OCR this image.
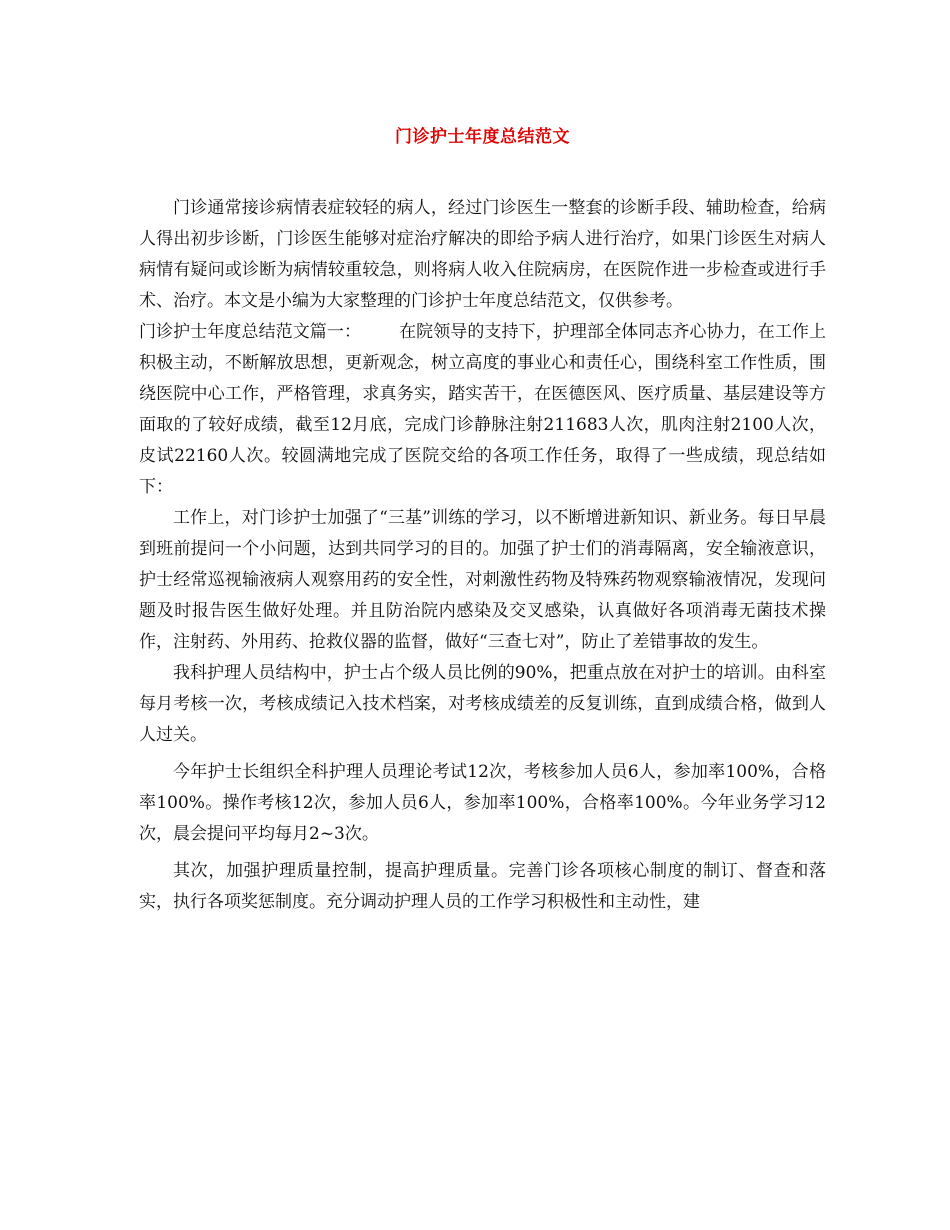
门诊护士年度总结范文

门诊通常接诊病情表症较轻的病人，经过门诊医生一整套的诊断手段、辅助检查，给病人得出初步诊断，门诊医生能够对症治疗解决的即给予病人进行治疗，如果门诊医生对病人病情有疑问或诊断为病情较重较急，则将病人收入住院病房，在医院作进一步检查或进行手术、治疗。本文是小编为大家整理的门诊护士年度总结范文，仅供参考。

门诊护士年度总结范文篇一： 在院领导的支持下，护理部全体同志齐心协力，在工作上积极主动，不断解放思想，更新观念，树立高度的事业心和责任心，围绕科室工作性质，围绕医院中心工作，严格管理，求真务实，踏实苦干，在医德医风、医疗质量、基层建设等方面取的了较好成绩，截至12月底，完成门诊静脉注射211683人次，肌肉注射2100人次，皮试22160人次。较圆满地完成了医院交给的各项工作任务，取得了一些成绩，现总结如下：

工作上，对门诊护士加强了“三基”训练的学习，以不断增进新知识、新业务。每日早晨到班前提问一个小问题，达到共同学习的目的。加强了护士们的消毒隔离，安全输液意识，护士经常巡视输液病人观察用药的安全性，对刺激性药物及特殊药物观察输液情况，发现问题及时报告医生做好处理。并且防治院内感染及交叉感染，认真做好各项消毒无菌技术操作，注射药、外用药、抢救仪器的监督，做好“三查七对”，防止了差错事故的发生。

我科护理人员结构中，护士占个级人员比例的90%，把重点放在对护士的培训。由科室每月考核一次，考核成绩记入技术档案，对考核成绩差的反复训练，直到成绩合格，做到人人过关。

今年护士长组织全科护理人员理论考试12次，考核参加人员6人，参加率100%，合格率100%。操作考核12次，参加人员6人，参加率100%，合格率100%。今年业务学习12次，晨会提问平均每月2~3次。

其次，加强护理质量控制，提高护理质量。完善门诊各项核心制度的制订、督查和落实，执行各项奖惩制度。充分调动护理人员的工作学习积极性和主动性，建
